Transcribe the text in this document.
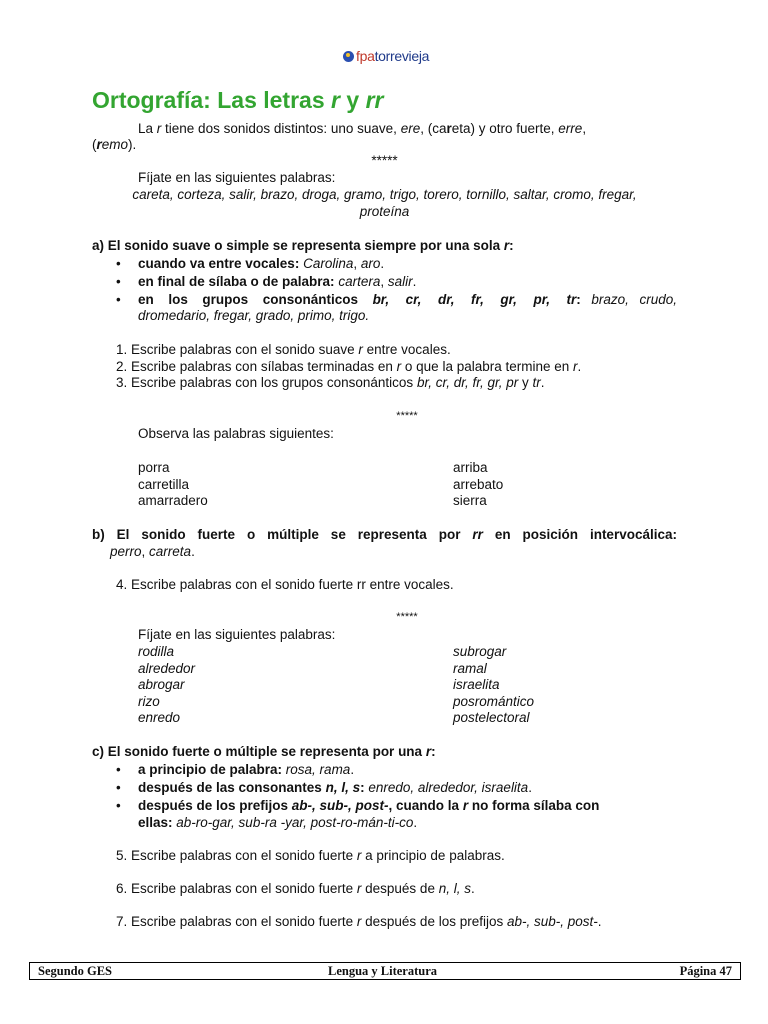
fpatorrevieja
Ortografía: Las letras r y rr
La r tiene dos sonidos distintos: uno suave, ere, (careta) y otro fuerte, erre,
(remo).
*****
Fíjate en las siguientes palabras:
careta, corteza, salir, brazo, droga, gramo, trigo, torero, tornillo, saltar, cromo, fregar,
proteína
a) El sonido suave o simple se representa siempre por una sola r:
• cuando va entre vocales: Carolina, aro.
• en final de sílaba o de palabra: cartera, salir.
• en los grupos consonánticos br, cr, dr, fr, gr, pr, tr: brazo, crudo,
dromedario, fregar, grado, primo, trigo.
1. Escribe palabras con el sonido suave r entre vocales.
2. Escribe palabras con sílabas terminadas en r o que la palabra termine en r.
3. Escribe palabras con los grupos consonánticos br, cr, dr, fr, gr, pr y tr.
*****
Observa las palabras siguientes:
porra
carretilla
amarradero
arriba
arrebato
sierra
b) El sonido fuerte o múltiple se representa por rr en posición intervocálica:
perro, carreta.
4. Escribe palabras con el sonido fuerte rr entre vocales.
*****
Fíjate en las siguientes palabras:
rodilla
alrededor
abrogar
rizo
enredo
subrogar
ramal
israelita
posromántico
postelectoral
c) El sonido fuerte o múltiple se representa por una r:
• a principio de palabra: rosa, rama.
• después de las consonantes n, l, s: enredo, alrededor, israelita.
• después de los prefijos ab-, sub-, post-, cuando la r no forma sílaba con
ellas: ab-ro-gar, sub-ra -yar, post-ro-mán-ti-co.
5. Escribe palabras con el sonido fuerte r a principio de palabras.
6. Escribe palabras con el sonido fuerte r después de n, l, s.
7. Escribe palabras con el sonido fuerte r después de los prefijos ab-, sub-, post-.
Segundo GES	Lengua y Literatura	Página 47
